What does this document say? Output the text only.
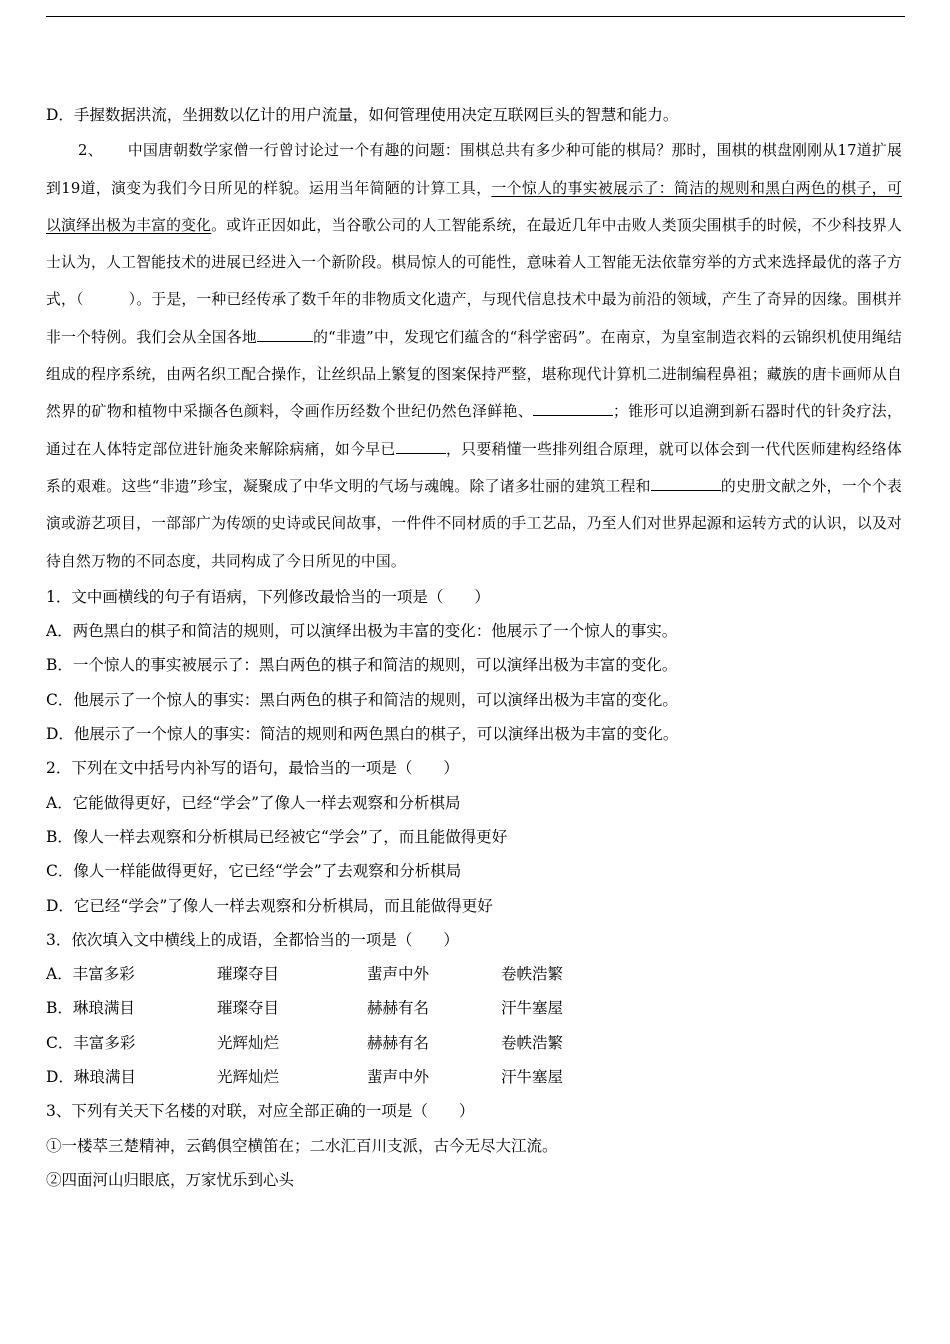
D．手握数据洪流，坐拥数以亿计的用户流量，如何管理使用决定互联网巨头的智慧和能力。
2、 中国唐朝数学家僧一行曾讨论过一个有趣的问题：围棋总共有多少种可能的棋局？那时，围棋的棋盘刚刚从17道扩展到19道，演变为我们今日所见的样貌。运用当年简陋的计算工具，一个惊人的事实被展示了：简洁的规则和黑白两色的棋子，可以演绎出极为丰富的变化。或许正因如此，当谷歌公司的人工智能系统，在最近几年中击败人类顶尖围棋手的时候，不少科技界人士认为，人工智能技术的进展已经进入一个新阶段。棋局惊人的可能性，意味着人工智能无法依靠穷举的方式来选择最优的落子方式，（　　　）。于是，一种已经传承了数千年的非物质文化遗产，与现代信息技术中最为前沿的领域，产生了奇异的因缘。围棋并非一个特例。我们会从全国各地	的“非遗”中，发现它们蕴含的“科学密码”。在南京，为皇室制造衣料的云锦织机使用绳结组成的程序系统，由两名织工配合操作，让丝织品上繁复的图案保持严整，堪称现代计算机二进制编程鼻祖；藏族的唐卡画师从自然界的矿物和植物中采撷各色颜料，令画作历经数个世纪仍然色泽鲜艳、	；锥形可以追溯到新石器时代的针灸疗法，通过在人体特定部位进针施灸来解除病痛，如今早已	，只要稍懂一些排列组合原理，就可以体会到一代代医师建构经络体系的艰难。这些“非遗”珍宝，凝聚成了中华文明的气场与魂魄。除了诸多壮丽的建筑工程和	的史册文献之外，一个个表演或游艺项目，一部部广为传颂的史诗或民间故事，一件件不同材质的手工艺品，乃至人们对世界起源和运转方式的认识，以及对待自然万物的不同态度，共同构成了今日所见的中国。
1．文中画横线的句子有语病，下列修改最恰当的一项是（　　）
A．两色黑白的棋子和简洁的规则，可以演绎出极为丰富的变化：他展示了一个惊人的事实。
B．一个惊人的事实被展示了：黑白两色的棋子和简洁的规则，可以演绎出极为丰富的变化。
C．他展示了一个惊人的事实：黑白两色的棋子和简洁的规则，可以演绎出极为丰富的变化。
D．他展示了一个惊人的事实：简洁的规则和两色黑白的棋子，可以演绎出极为丰富的变化。
2．下列在文中括号内补写的语句，最恰当的一项是（　　）
A．它能做得更好，已经“学会”了像人一样去观察和分析棋局
B．像人一样去观察和分析棋局已经被它“学会”了，而且能做得更好
C．像人一样能做得更好，它已经“学会”了去观察和分析棋局
D．它已经“学会”了像人一样去观察和分析棋局，而且能做得更好
3．依次填入文中横线上的成语，全都恰当的一项是（　　）
A．丰富多彩	璀璨夺目	蜚声中外	卷帙浩繁
B．琳琅满目	璀璨夺目	赫赫有名	汗牛塞屋
C．丰富多彩	光辉灿烂	赫赫有名	卷帙浩繁
D．琳琅满目	光辉灿烂	蜚声中外	汗牛塞屋
3、下列有关天下名楼的对联，对应全部正确的一项是（　　）
①一楼萃三楚精神，云鹤俱空横笛在；二水汇百川支派，古今无尽大江流。
②四面河山归眼底，万家忧乐到心头
